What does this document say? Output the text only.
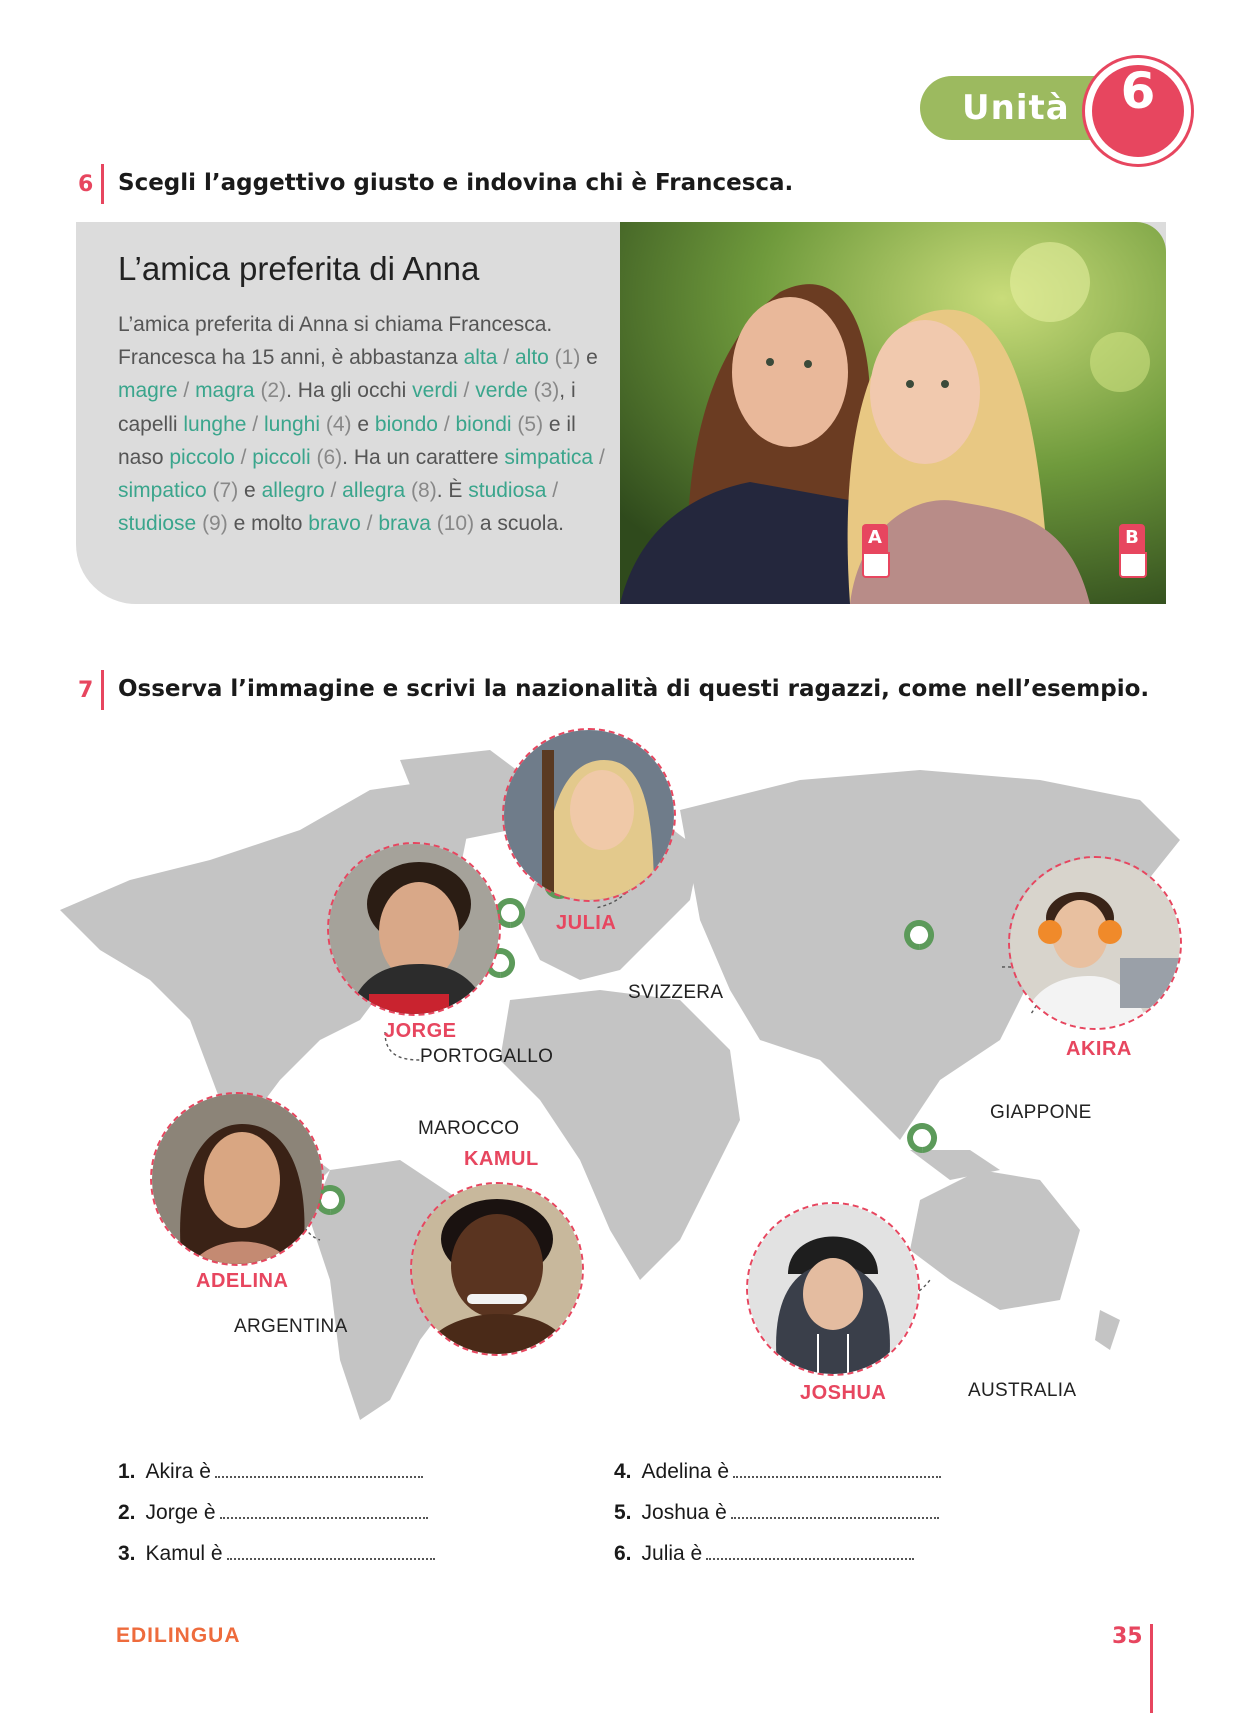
Unità	6
6 Scegli l’aggettivo giusto e indovina chi è Francesca.
L’amica preferita di Anna
L’amica preferita di Anna si chiama Francesca. Francesca ha 15 anni, è abbastanza alta / alto (1) e magre / magra (2). Ha gli occhi verdi / verde (3), i capelli lunghe / lunghi (4) e biondo / biondi (5) e il naso piccolo / piccoli (6). Ha un carattere simpatica / simpatico (7) e allegro / allegra (8). È studiosa / studiose (9) e molto bravo / brava (10) a scuola.
A	B
7 Osserva l’immagine e scrivi la nazionalità di questi ragazzi, come nell’esempio.
JULIA
SVIZZERA
JORGE
PORTOGALLO	AKIRA
GIAPPONE
MAROCCO
KAMUL
ADELINA
ARGENTINA
JOSHUA	AUSTRALIA
1. Akira è
2. Jorge è
3. Kamul è
4. Adelina è
5. Joshua è
6. Julia è
EDILINGUA	35
